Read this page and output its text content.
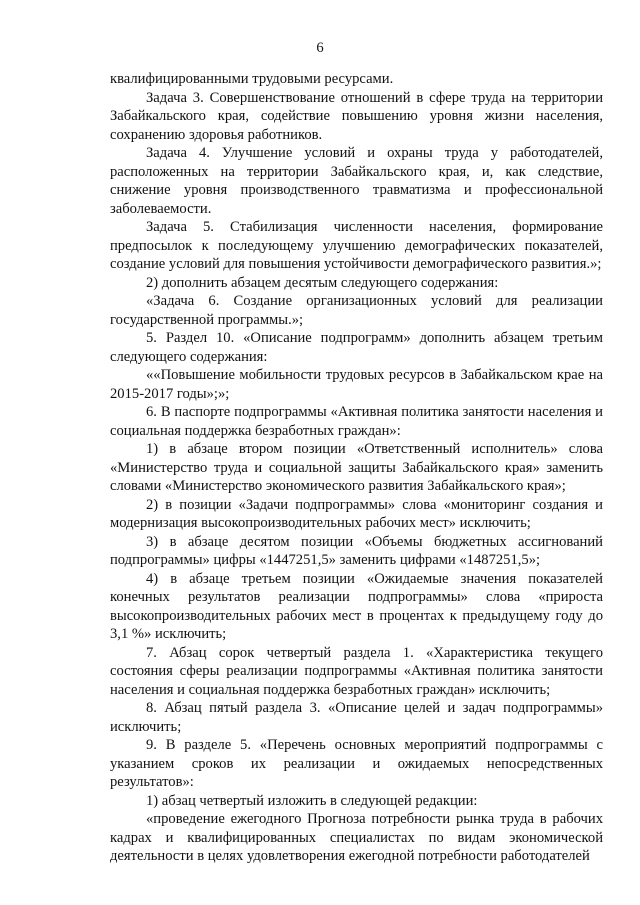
6

квалифицированными трудовыми ресурсами.

Задача 3. Совершенствование отношений в сфере труда на территории Забайкальского края, содействие повышению уровня жизни населения, сохранению здоровья работников.

Задача 4. Улучшение условий и охраны труда у работодателей, расположенных на территории Забайкальского края, и, как следствие, снижение уровня производственного травматизма и профессиональной заболеваемости.

Задача 5. Стабилизация численности населения, формирование предпосылок к последующему улучшению демографических показателей, создание условий для повышения устойчивости демографического развития.»;

2) дополнить абзацем десятым следующего содержания:

«Задача 6. Создание организационных условий для реализации государственной программы.»;

5. Раздел 10. «Описание подпрограмм» дополнить абзацем третьим следующего содержания:

««Повышение мобильности трудовых ресурсов в Забайкальском крае на 2015-2017 годы»;»;

6. В паспорте подпрограммы «Активная политика занятости населения и социальная поддержка безработных граждан»:

1) в абзаце втором позиции «Ответственный исполнитель» слова «Министерство труда и социальной защиты Забайкальского края» заменить словами «Министерство экономического развития Забайкальского края»;

2) в позиции «Задачи подпрограммы» слова «мониторинг создания и модернизация высокопроизводительных рабочих мест» исключить;

3) в абзаце десятом позиции «Объемы бюджетных ассигнований подпрограммы» цифры «1447251,5» заменить цифрами «1487251,5»;

4) в абзаце третьем позиции «Ожидаемые значения показателей конечных результатов реализации подпрограммы» слова «прироста высокопроизводительных рабочих мест в процентах к предыдущему году до 3,1 %» исключить;

7. Абзац сорок четвертый раздела 1. «Характеристика текущего состояния сферы реализации подпрограммы «Активная политика занятости населения и социальная поддержка безработных граждан» исключить;

8. Абзац пятый раздела 3. «Описание целей и задач подпрограммы» исключить;

9. В разделе 5. «Перечень основных мероприятий подпрограммы с указанием сроков их реализации и ожидаемых непосредственных результатов»:

1) абзац четвертый изложить в следующей редакции:

«проведение ежегодного Прогноза потребности рынка труда в рабочих кадрах и квалифицированных специалистах по видам экономической деятельности в целях удовлетворения ежегодной потребности работодателей
